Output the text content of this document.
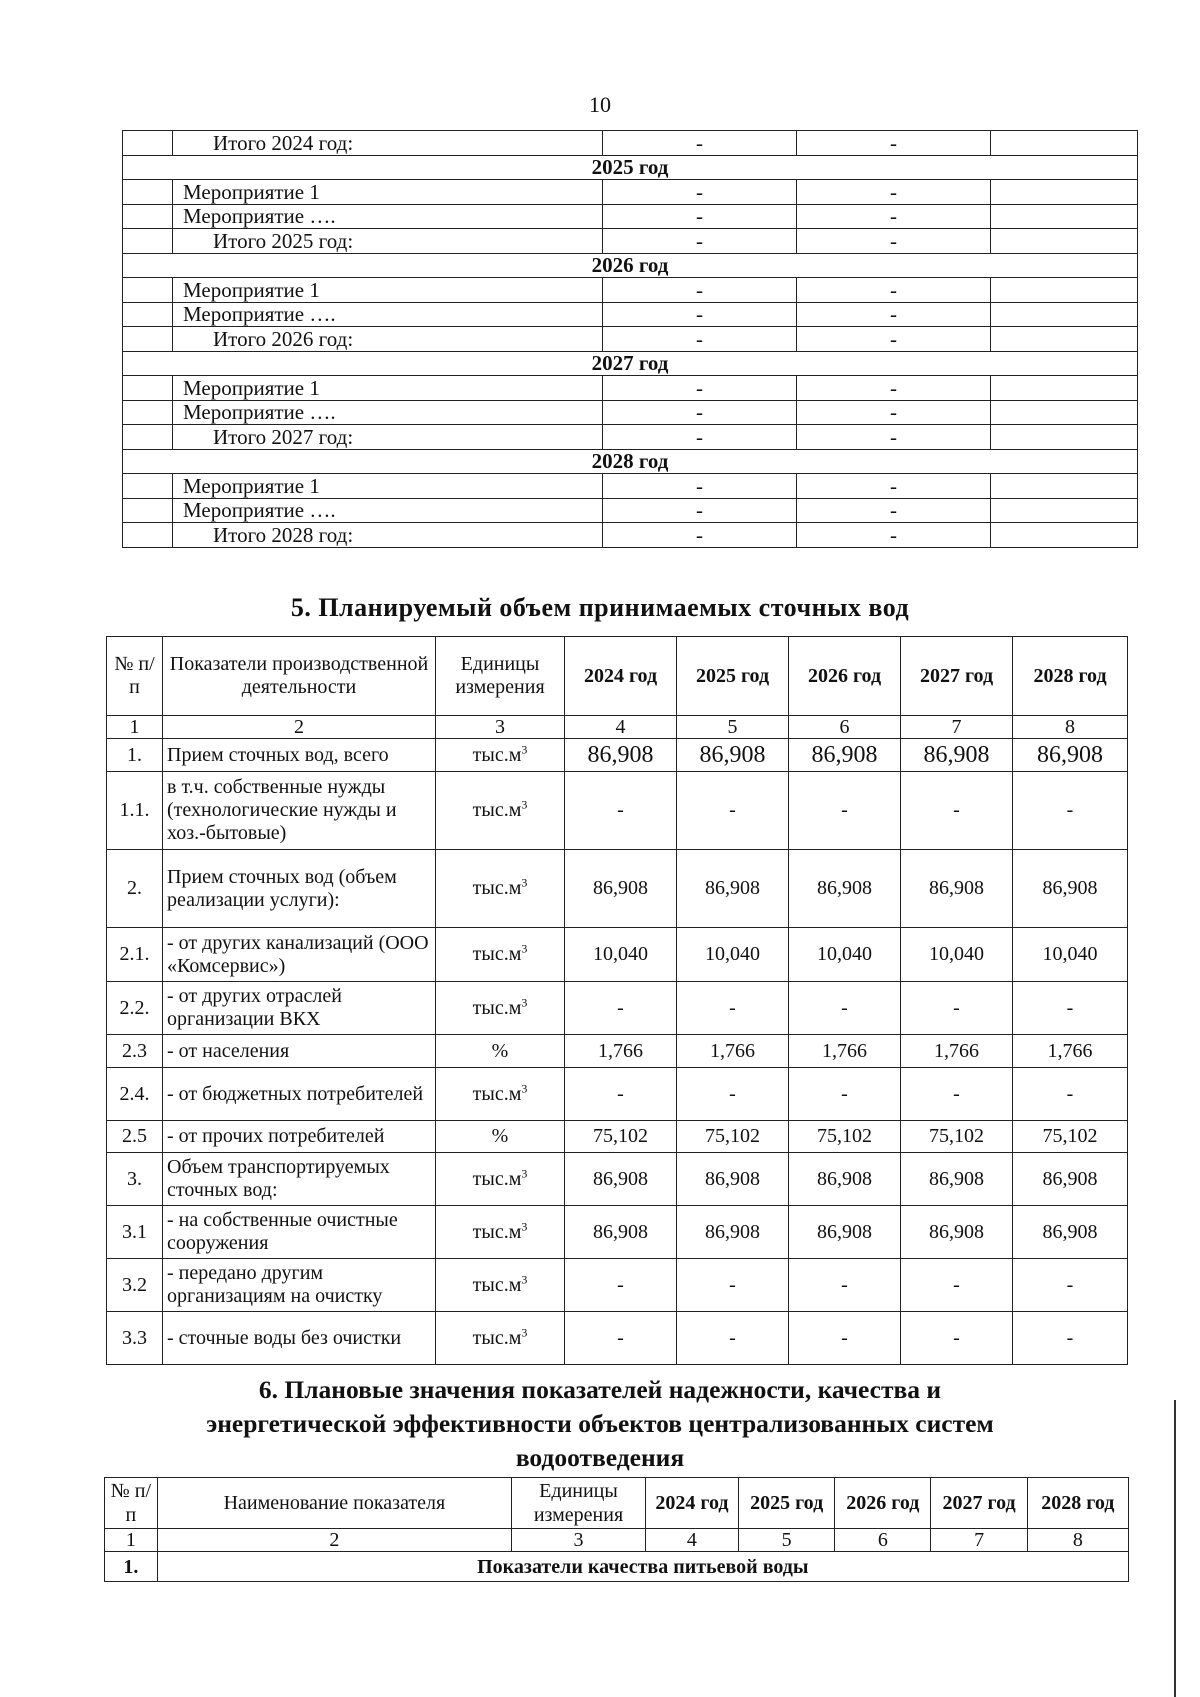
10
	Итого 2024 год:	-	-	
2025 год				
	Мероприятие 1	-	-	
	Мероприятие ….	-	-	
	Итого 2025 год:	-	-	
2026 год				
	Мероприятие 1	-	-	
	Мероприятие ….	-	-	
	Итого 2026 год:	-	-	
2027 год				
	Мероприятие 1	-	-	
	Мероприятие ….	-	-	
	Итого 2027 год:	-	-	
2028 год				
	Мероприятие 1	-	-	
	Мероприятие ….	-	-	
	Итого 2028 год:	-	-	
5. Планируемый объем принимаемых сточных вод
№ п/п	Показатели производственной деятельности	Единицы измерения	2024 год	2025 год	2026 год	2027 год	2028 год
1	2	3	4	5	6	7	8
1.	Прием сточных вод, всего	$тыс.м^3$	86,908	86,908	86,908	86,908	86,908
1.1.	в т.ч. собственные нужды (технологические нужды и хоз.-бытовые)	$тыс.м^3$	-	-	-	-	-
2.	Прием сточных вод (объем реализации услуги):	$тыс.м^3$	86,908	86,908	86,908	86,908	86,908
2.1.	- от других канализаций (ООО «Комсервис»)	$тыс.м^3$	10,040	10,040	10,040	10,040	10,040
2.2.	- от других отраслей организации ВКХ	$тыс.м^3$	-	-	-	-	-
2.3	- от населения	%	1,766	1,766	1,766	1,766	1,766
2.4.	- от бюджетных потребителей	$тыс.м^3$	-	-	-	-	-
2.5	- от прочих потребителей	%	75,102	75,102	75,102	75,102	75,102
3.	Объем транспортируемых сточных вод:	$тыс.м^3$	86,908	86,908	86,908	86,908	86,908
3.1	- на собственные очистные сооружения	$тыс.м^3$	86,908	86,908	86,908	86,908	86,908
3.2	- передано другим организациям на очистку	$тыс.м^3$	-	-	-	-	-
3.3	- сточные воды без очистки	$тыс.м^3$	-	-	-	-	-
6. Плановые значения показателей надежности, качества и
энергетической эффективности объектов централизованных систем
водоотведения
№ п/п	Наименование показателя	Единицы измерения	2024 год	2025 год	2026 год	2027 год	2028 год
1	2	3	4	5	6	7	8
1.	Показатели качества питьевой воды						
